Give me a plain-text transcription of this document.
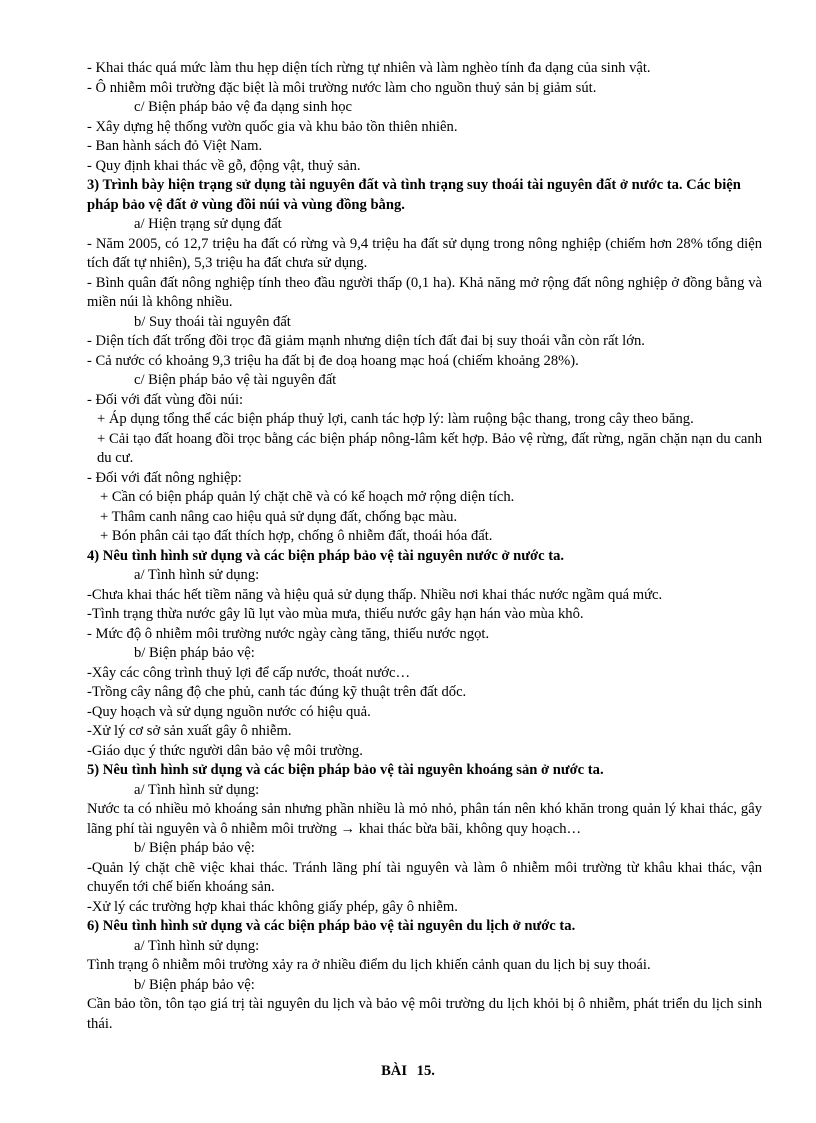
- Khai thác quá mức làm thu hẹp diện tích rừng tự nhiên và làm nghèo tính đa dạng của sinh vật.
- Ô nhiễm môi trường đặc biệt là môi trường nước làm cho nguồn thuỷ sản bị giảm sút.
c/ Biện pháp bảo vệ đa dạng sinh học
- Xây dựng hệ thống vườn quốc gia và khu bảo tồn thiên nhiên.
- Ban hành sách đỏ Việt Nam.
- Quy định khai thác về gỗ, động vật, thuỷ sản.
3) Trình bày hiện trạng sử dụng tài nguyên đất và tình trạng suy thoái tài nguyên đất ở nước ta. Các biện pháp bảo vệ đất ở vùng đồi núi và vùng đồng bằng.
a/ Hiện trạng sử dụng đất
- Năm 2005, có 12,7 triệu ha đất có rừng và 9,4 triệu ha đất sử dụng trong nông nghiệp (chiếm hơn 28% tổng diện tích đất tự nhiên), 5,3 triệu ha đất chưa sử dụng.
- Bình quân đất nông nghiệp tính theo đầu người thấp (0,1 ha). Khả năng mở rộng đất nông nghiệp ở đồng bằng và miền núi là không nhiều.
b/ Suy thoái tài nguyên đất
- Diện tích đất trống đồi trọc đã giảm mạnh nhưng diện tích đất đai bị suy thoái vẫn còn rất lớn.
- Cả nước có khoảng 9,3 triệu ha đất bị đe doạ hoang mạc hoá (chiếm khoảng 28%).
c/ Biện pháp bảo vệ tài nguyên đất
- Đối với đất vùng đồi núi:
+ Áp dụng tổng thể các biện pháp thuỷ lợi, canh tác hợp lý: làm ruộng bậc thang, trong cây theo băng.
+ Cải tạo đất hoang đồi trọc bằng các biện pháp nông-lâm kết hợp. Bảo vệ rừng, đất rừng, ngăn chặn nạn du canh du cư.
- Đối với đất nông nghiệp:
+ Cần có biện pháp quản lý chặt chẽ và có kế hoạch mở rộng diện tích.
+ Thâm canh nâng cao hiệu quả sử dụng đất, chống bạc màu.
+ Bón phân cải tạo đất thích hợp, chống ô nhiễm đất, thoái hóa đất.
4) Nêu tình hình sử dụng và các biện pháp bảo vệ tài nguyên nước ở nước ta.
a/ Tình hình sử dụng:
-Chưa khai thác hết tiềm năng và hiệu quả sử dụng thấp. Nhiều nơi khai thác nước ngầm quá mức.
-Tình trạng thừa nước gây lũ lụt vào mùa mưa, thiếu nước gây hạn hán vào mùa khô.
- Mức độ ô nhiễm môi trường nước ngày càng tăng, thiếu nước ngọt.
b/ Biện pháp bảo vệ:
-Xây các công trình thuỷ lợi để cấp nước, thoát nước…
-Trồng cây nâng độ che phủ, canh tác đúng kỹ thuật trên đất dốc.
-Quy hoạch và sử dụng nguồn nước có hiệu quả.
-Xử lý cơ sở sản xuất gây ô nhiễm.
-Giáo dục ý thức người dân bảo vệ môi trường.
5) Nêu tình hình sử dụng và các biện pháp bảo vệ tài nguyên khoáng sản ở nước ta.
a/ Tình hình sử dụng:
Nước ta có nhiều mỏ khoáng sản nhưng phần nhiều là mỏ nhỏ, phân tán nên khó khăn trong quản lý khai thác, gây lãng phí tài nguyên và ô nhiễm môi trường → khai thác bừa bãi, không quy hoạch…
b/ Biện pháp bảo vệ:
-Quản lý chặt chẽ việc khai thác. Tránh lãng phí tài nguyên và làm ô nhiễm môi trường từ khâu khai thác, vận chuyển tới chế biến khoáng sản.
-Xử lý các trường hợp khai thác không giấy phép, gây ô nhiễm.
6) Nêu tình hình sử dụng và các biện pháp bảo vệ tài nguyên du lịch ở nước ta.
a/ Tình hình sử dụng:
Tình trạng ô nhiễm môi trường xảy ra ở nhiều điểm du lịch khiến cảnh quan du lịch bị suy thoái.
b/ Biện pháp bảo vệ:
Cần bảo tồn, tôn tạo giá trị tài nguyên du lịch và bảo vệ môi trường du lịch khỏi bị ô nhiễm, phát triển du lịch sinh thái.
BÀI 15.
